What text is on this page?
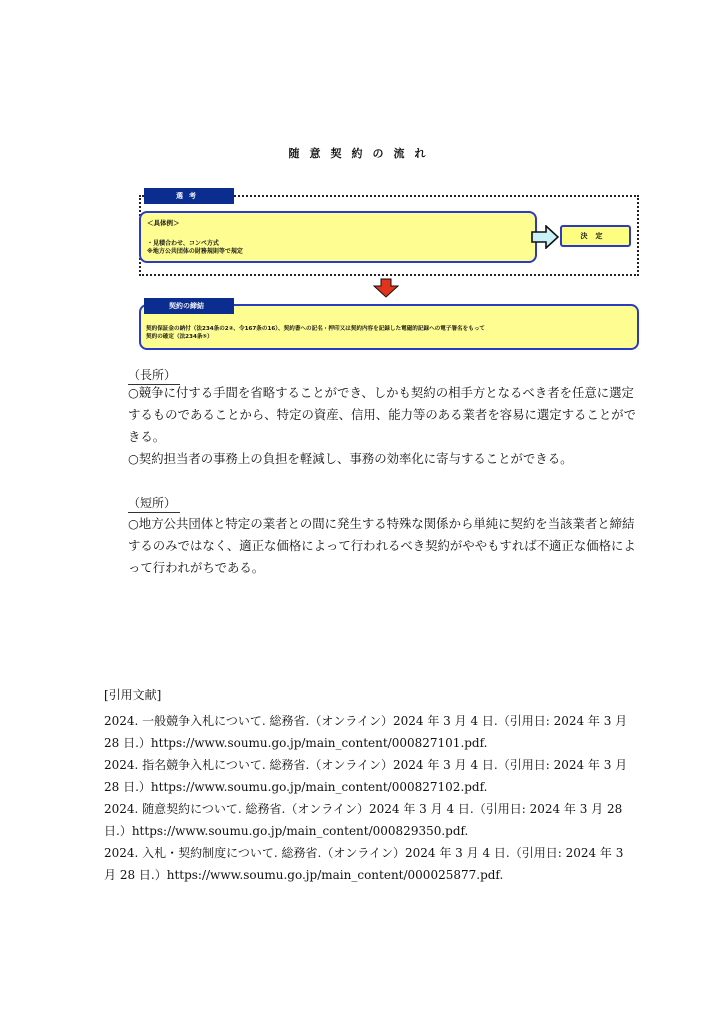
随意契約の流れ
選考
＜具体例＞
・見積合わせ、コンペ方式
※地方公共団体の財務規則等で規定
決定
契約の締結
契約保証金の納付（法234条の2②、令167条の16）、契約書への記名・押印又は契約内容を記録した電磁的記録への電子署名をもって
契約の確定（法234条⑤）
（長所）
○競争に付する手間を省略することができ、しかも契約の相手方となるべき者を任意に選定するものであることから、特定の資産、信用、能力等のある業者を容易に選定することができる。
○契約担当者の事務上の負担を軽減し、事務の効率化に寄与することができる。
（短所）
○地方公共団体と特定の業者との間に発生する特殊な関係から単純に契約を当該業者と締結するのみではなく、適正な価格によって行われるべき契約がややもすれば不適正な価格によって行われがちである。
[引用文献]
2024. 一般競争入札について. 総務省.（オンライン）2024 年 3 月 4 日.（引用日: 2024 年 3 月 28 日.）https://www.soumu.go.jp/main_content/000827101.pdf.
2024. 指名競争入札について. 総務省.（オンライン）2024 年 3 月 4 日.（引用日: 2024 年 3 月 28 日.）https://www.soumu.go.jp/main_content/000827102.pdf.
2024. 随意契約について. 総務省.（オンライン）2024 年 3 月 4 日.（引用日: 2024 年 3 月 28 日.）https://www.soumu.go.jp/main_content/000829350.pdf.
2024. 入札・契約制度について. 総務省.（オンライン）2024 年 3 月 4 日.（引用日: 2024 年 3 月 28 日.）https://www.soumu.go.jp/main_content/000025877.pdf.
